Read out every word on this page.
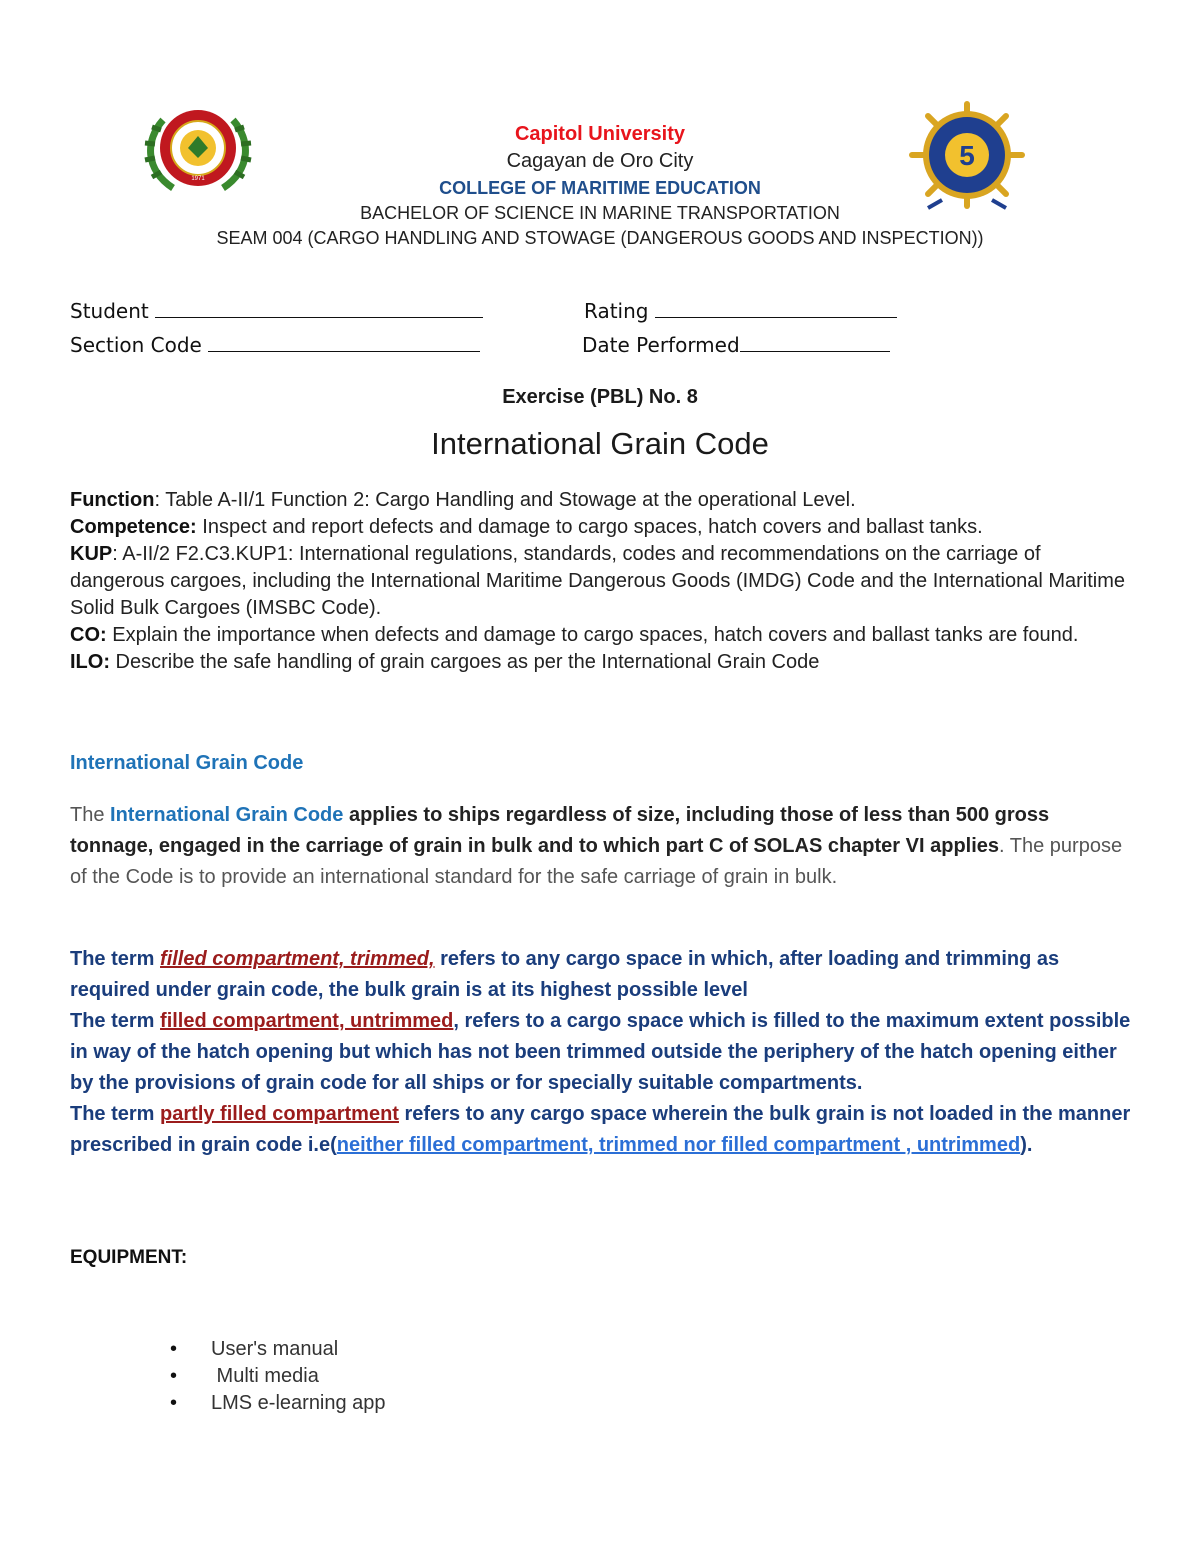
1971
Capitol University
Cagayan de Oro City
COLLEGE OF MARITIME EDUCATION
BACHELOR OF SCIENCE IN MARINE TRANSPORTATION
SEAM 004 (CARGO HANDLING AND STOWAGE (DANGEROUS GOODS AND INSPECTION))
5
Student	Rating
Section Code	Date Performed
Exercise (PBL) No. 8
International Grain Code
Function: Table A-II/1 Function 2: Cargo Handling and Stowage at the operational Level.
Competence: Inspect and report defects and damage to cargo spaces, hatch covers and ballast tanks.
KUP: A-II/2 F2.C3.KUP1: International regulations, standards, codes and recommendations on the carriage of dangerous cargoes, including the International Maritime Dangerous Goods (IMDG) Code and the International Maritime Solid Bulk Cargoes (IMSBC Code).
CO: Explain the importance when defects and damage to cargo spaces, hatch covers and ballast tanks are found.
ILO: Describe the safe handling of grain cargoes as per the International Grain Code
International Grain Code
The International Grain Code applies to ships regardless of size, including those of less than 500 gross tonnage, engaged in the carriage of grain in bulk and to which part C of SOLAS chapter VI applies. The purpose of the Code is to provide an international standard for the safe carriage of grain in bulk.
The term filled compartment, trimmed, refers to any cargo space in which, after loading and trimming as required under grain code, the bulk grain is at its highest possible level
The term filled compartment, untrimmed, refers to a cargo space which is filled to the maximum extent possible in way of the hatch opening but which has not been trimmed outside the periphery of the hatch opening either by the provisions of grain code for all ships or for specially suitable compartments.
The term partly filled compartment refers to any cargo space wherein the bulk grain is not loaded in the manner prescribed in grain code i.e(neither filled compartment, trimmed nor filled compartment , untrimmed).
EQUIPMENT:
• User's manual
•  Multi media
• LMS e-learning app
